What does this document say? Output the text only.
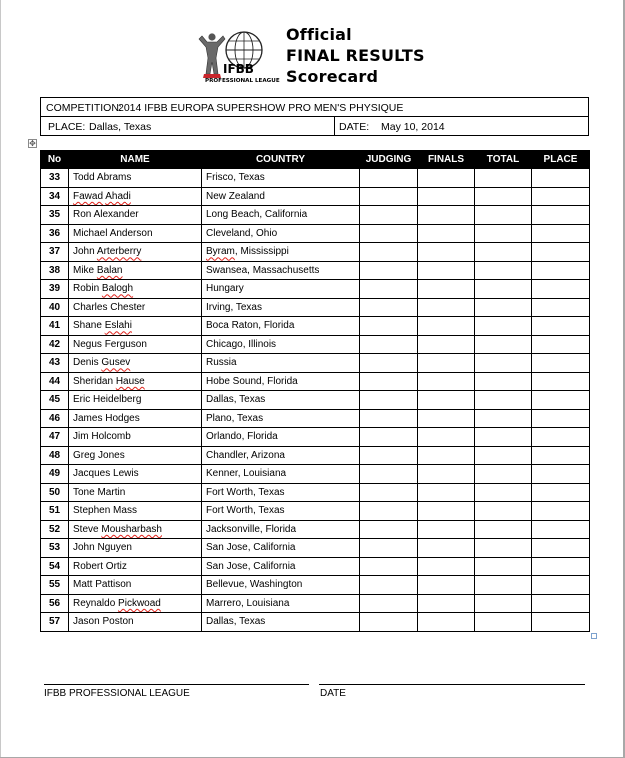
IFBB
PROFESSIONAL LEAGUE
Official
FINAL RESULTS
Scorecard
COMPETITION:
2014 IFBB EUROPA SUPERSHOW PRO MEN'S PHYSIQUE
PLACE: Dallas, Texas	DATE: May 10, 2014
✥
No	NAME	COUNTRY	JUDGING	FINALS	TOTAL	PLACE
33	Todd Abrams	Frisco, Texas				
34	Fawad Ahadi	New Zealand				
35	Ron Alexander	Long Beach, California				
36	Michael Anderson	Cleveland, Ohio				
37	John Arterberry	Byram, Mississippi				
38	Mike Balan	Swansea, Massachusetts				
39	Robin Balogh	Hungary				
40	Charles Chester	Irving, Texas				
41	Shane Eslahi	Boca Raton, Florida				
42	Negus Ferguson	Chicago, Illinois				
43	Denis Gusev	Russia				
44	Sheridan Hause	Hobe Sound, Florida				
45	Eric Heidelberg	Dallas, Texas				
46	James Hodges	Plano, Texas				
47	Jim Holcomb	Orlando, Florida				
48	Greg Jones	Chandler, Arizona				
49	Jacques Lewis	Kenner, Louisiana				
50	Tone Martin	Fort Worth, Texas				
51	Stephen Mass	Fort Worth, Texas				
52	Steve Mousharbash	Jacksonville, Florida				
53	John Nguyen	San Jose, California				
54	Robert Ortiz	San Jose, California				
55	Matt Pattison	Bellevue, Washington				
56	Reynaldo Pickwoad	Marrero, Louisiana				
57	Jason Poston	Dallas, Texas				
IFBB PROFESSIONAL LEAGUE	DATE
